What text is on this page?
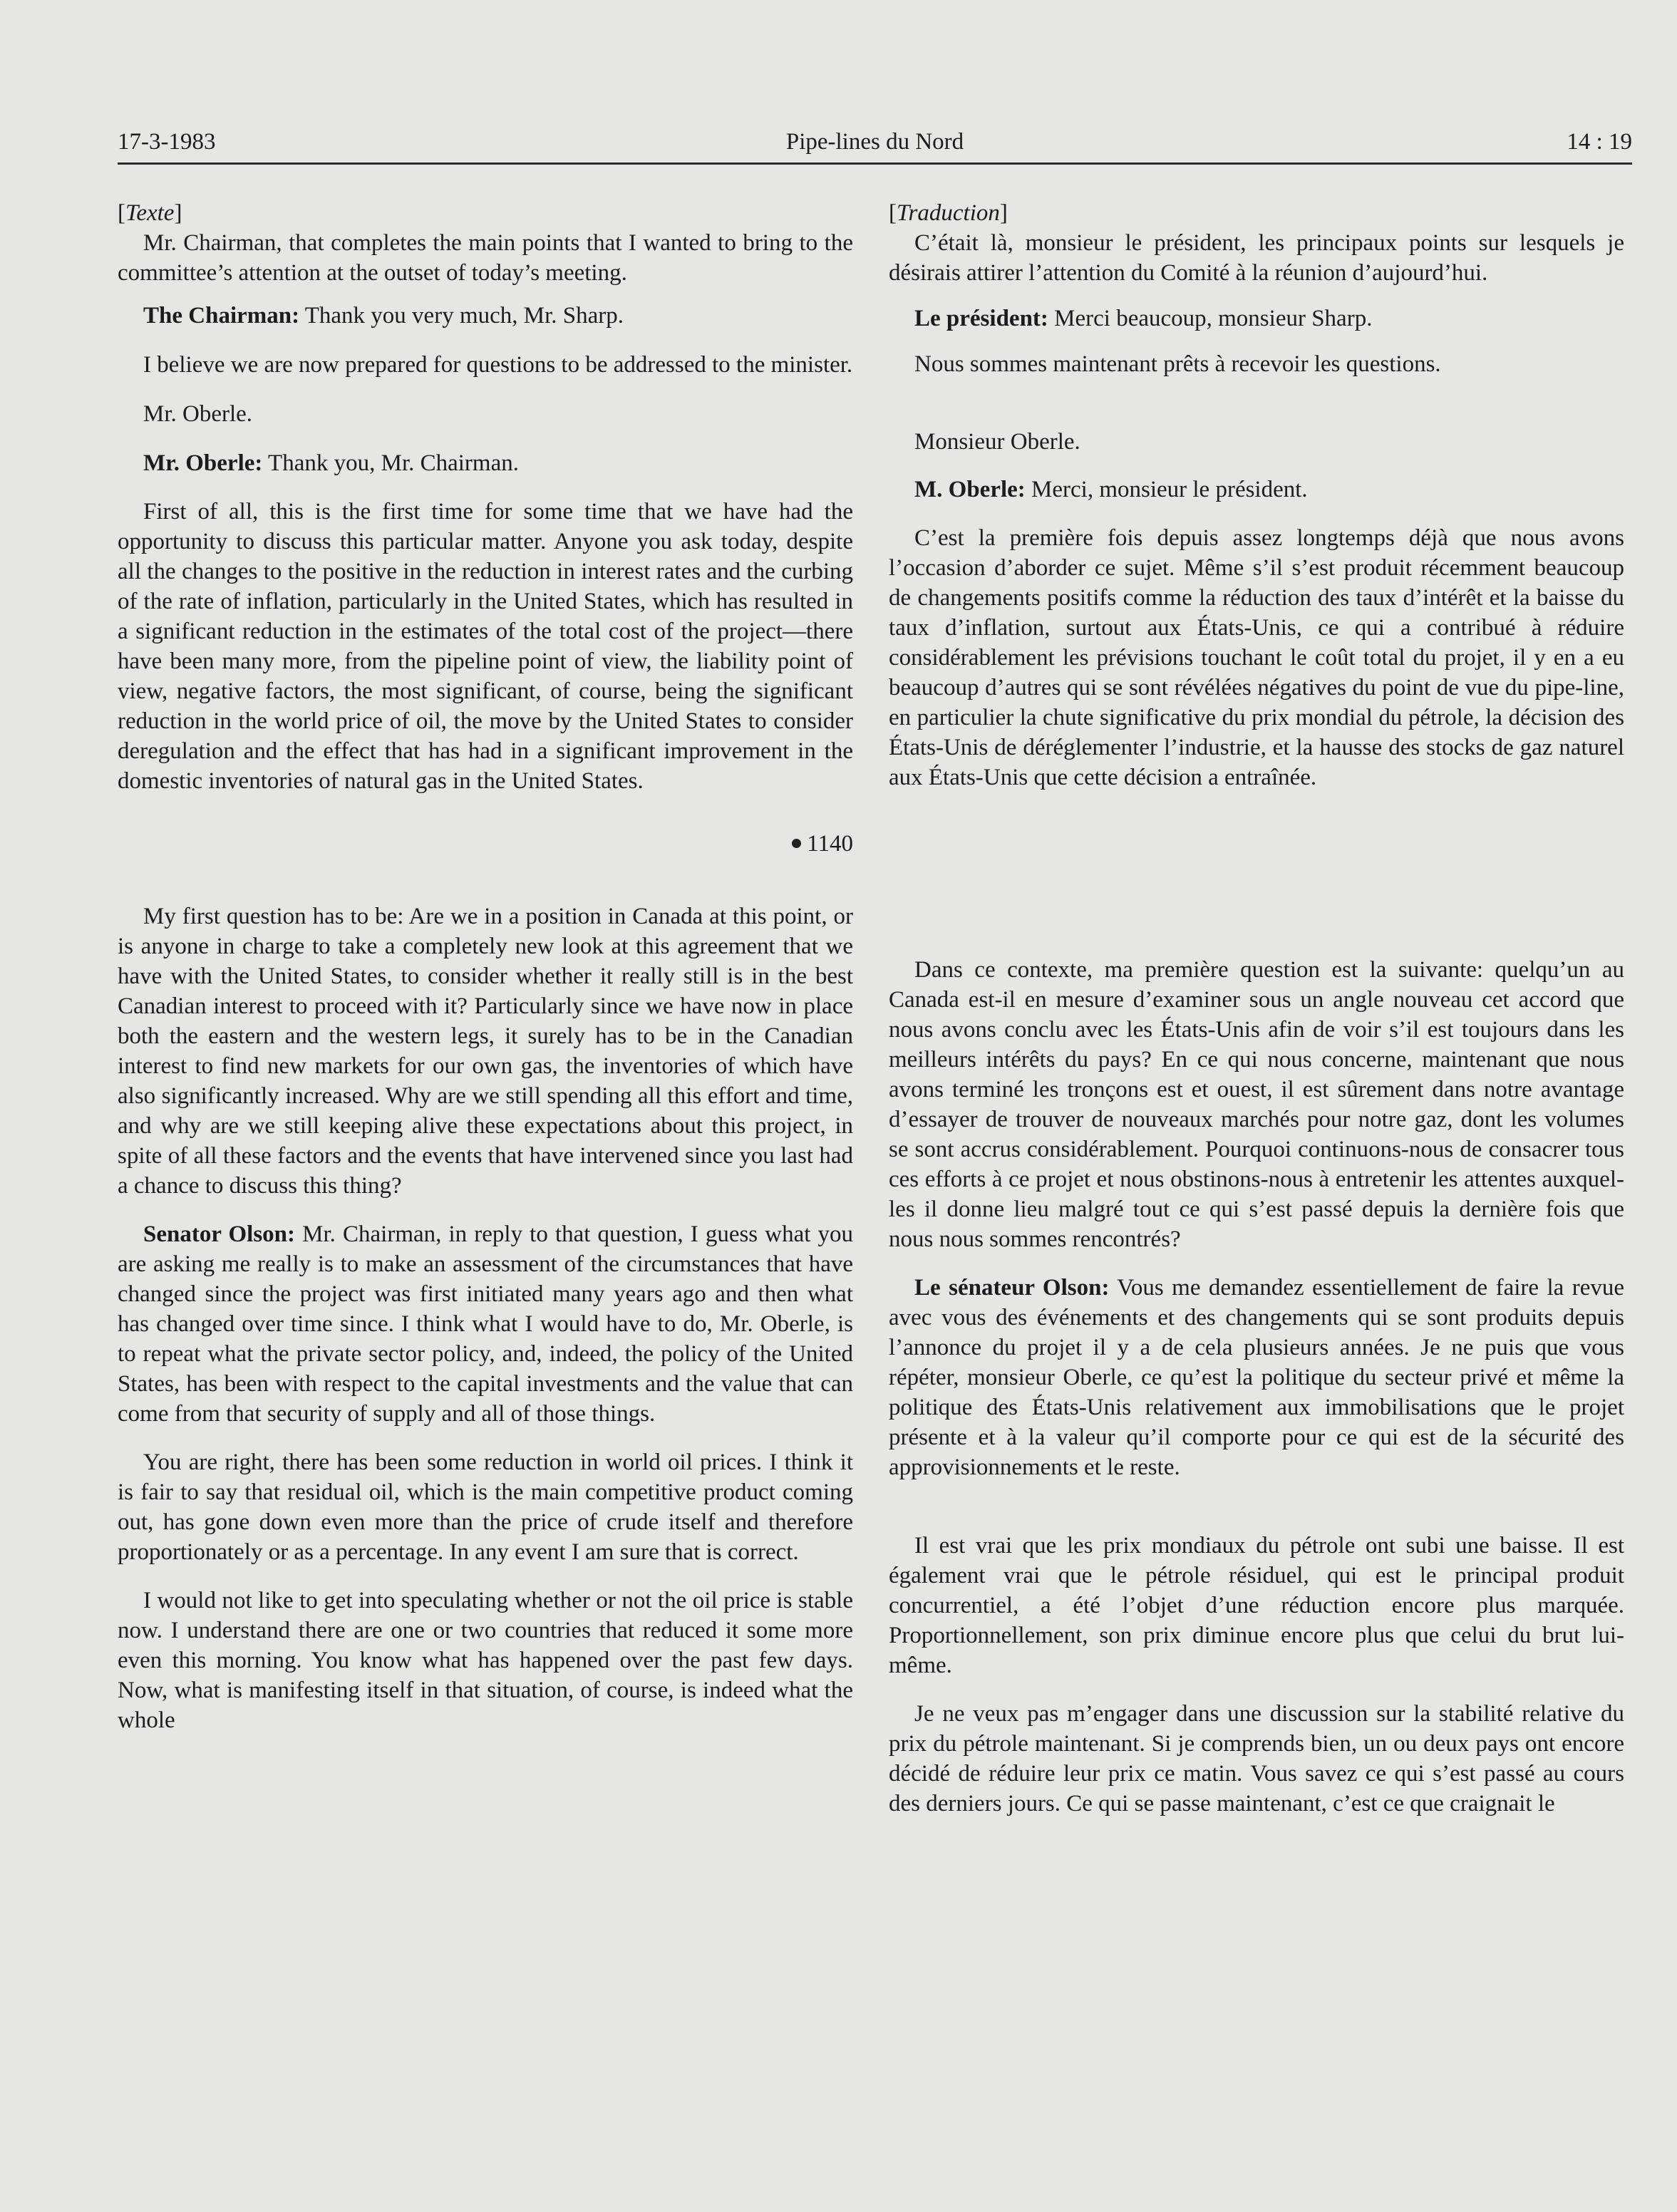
17-3-1983	Pipe-lines du Nord	14 : 19

[Texte]

Mr. Chairman, that completes the main points that I wanted to bring to the committee’s attention at the outset of today’s meeting.

The Chairman: Thank you very much, Mr. Sharp.

I believe we are now prepared for questions to be addressed to the minister.

Mr. Oberle.

Mr. Oberle: Thank you, Mr. Chairman.

First of all, this is the first time for some time that we have had the opportunity to discuss this particular matter. Anyone you ask today, despite all the changes to the positive in the reduction in interest rates and the curbing of the rate of inflation, particularly in the United States, which has resulted in a significant reduction in the estimates of the total cost of the project—there have been many more, from the pipeline point of view, the liability point of view, negative factors, the most significant, of course, being the significant reduction in the world price of oil, the move by the United States to consider deregulation and the effect that has had in a significant improvement in the domestic inventories of natural gas in the United States.

1140

My first question has to be: Are we in a position in Canada at this point, or is anyone in charge to take a completely new look at this agreement that we have with the United States, to consider whether it really still is in the best Canadian interest to proceed with it? Particularly since we have now in place both the eastern and the western legs, it surely has to be in the Canadian interest to find new markets for our own gas, the inventories of which have also significantly increased. Why are we still spending all this effort and time, and why are we still keeping alive these expectations about this project, in spite of all these factors and the events that have intervened since you last had a chance to discuss this thing?

Senator Olson: Mr. Chairman, in reply to that question, I guess what you are asking me really is to make an assessment of the circumstances that have changed since the project was first initiated many years ago and then what has changed over time since. I think what I would have to do, Mr. Oberle, is to repeat what the private sector policy, and, indeed, the policy of the United States, has been with respect to the capital investments and the value that can come from that security of supply and all of those things.

You are right, there has been some reduction in world oil prices. I think it is fair to say that residual oil, which is the main competitive product coming out, has gone down even more than the price of crude itself and therefore proportionately or as a percentage. In any event I am sure that is correct.

I would not like to get into speculating whether or not the oil price is stable now. I understand there are one or two countries that reduced it some more even this morning. You know what has happened over the past few days. Now, what is manifesting itself in that situation, of course, is indeed what the whole

[Traduction]

C’était là, monsieur le président, les principaux points sur lesquels je désirais attirer l’attention du Comité à la réunion d’aujourd’hui.

Le président: Merci beaucoup, monsieur Sharp.

Nous sommes maintenant prêts à recevoir les questions.

Monsieur Oberle.

M. Oberle: Merci, monsieur le président.

C’est la première fois depuis assez longtemps déjà que nous avons l’occasion d’aborder ce sujet. Même s’il s’est produit récemment beaucoup de changements positifs comme la réduction des taux d’intérêt et la baisse du taux d’inflation, surtout aux États-Unis, ce qui a contribué à réduire considérablement les prévisions touchant le coût total du projet, il y en a eu beaucoup d’autres qui se sont révélées négatives du point de vue du pipe-line, en particulier la chute significative du prix mondial du pétrole, la décision des États-Unis de déréglementer l’industrie, et la hausse des stocks de gaz naturel aux États-Unis que cette décision a entraînée.

Dans ce contexte, ma première question est la suivante: quelqu’un au Canada est-il en mesure d’examiner sous un angle nouveau cet accord que nous avons conclu avec les États-Unis afin de voir s’il est toujours dans les meilleurs intérêts du pays? En ce qui nous concerne, maintenant que nous avons terminé les tronçons est et ouest, il est sûrement dans notre avantage d’essayer de trouver de nouveaux marchés pour notre gaz, dont les volumes se sont accrus considérablement. Pourquoi continuons-nous de consacrer tous ces efforts à ce projet et nous obstinons-nous à entretenir les attentes auxquelles il donne lieu malgré tout ce qui s’est passé depuis la dernière fois que nous nous sommes rencontrés?

Le sénateur Olson: Vous me demandez essentiellement de faire la revue avec vous des événements et des changements qui se sont produits depuis l’annonce du projet il y a de cela plusieurs années. Je ne puis que vous répéter, monsieur Oberle, ce qu’est la politique du secteur privé et même la politique des États-Unis relativement aux immobilisations que le projet présente et à la valeur qu’il comporte pour ce qui est de la sécurité des approvisionnements et le reste.

Il est vrai que les prix mondiaux du pétrole ont subi une baisse. Il est également vrai que le pétrole résiduel, qui est le principal produit concurrentiel, a été l’objet d’une réduction encore plus marquée. Proportionnellement, son prix diminue encore plus que celui du brut lui-même.

Je ne veux pas m’engager dans une discussion sur la stabilité relative du prix du pétrole maintenant. Si je comprends bien, un ou deux pays ont encore décidé de réduire leur prix ce matin. Vous savez ce qui s’est passé au cours des derniers jours. Ce qui se passe maintenant, c’est ce que craignait le
